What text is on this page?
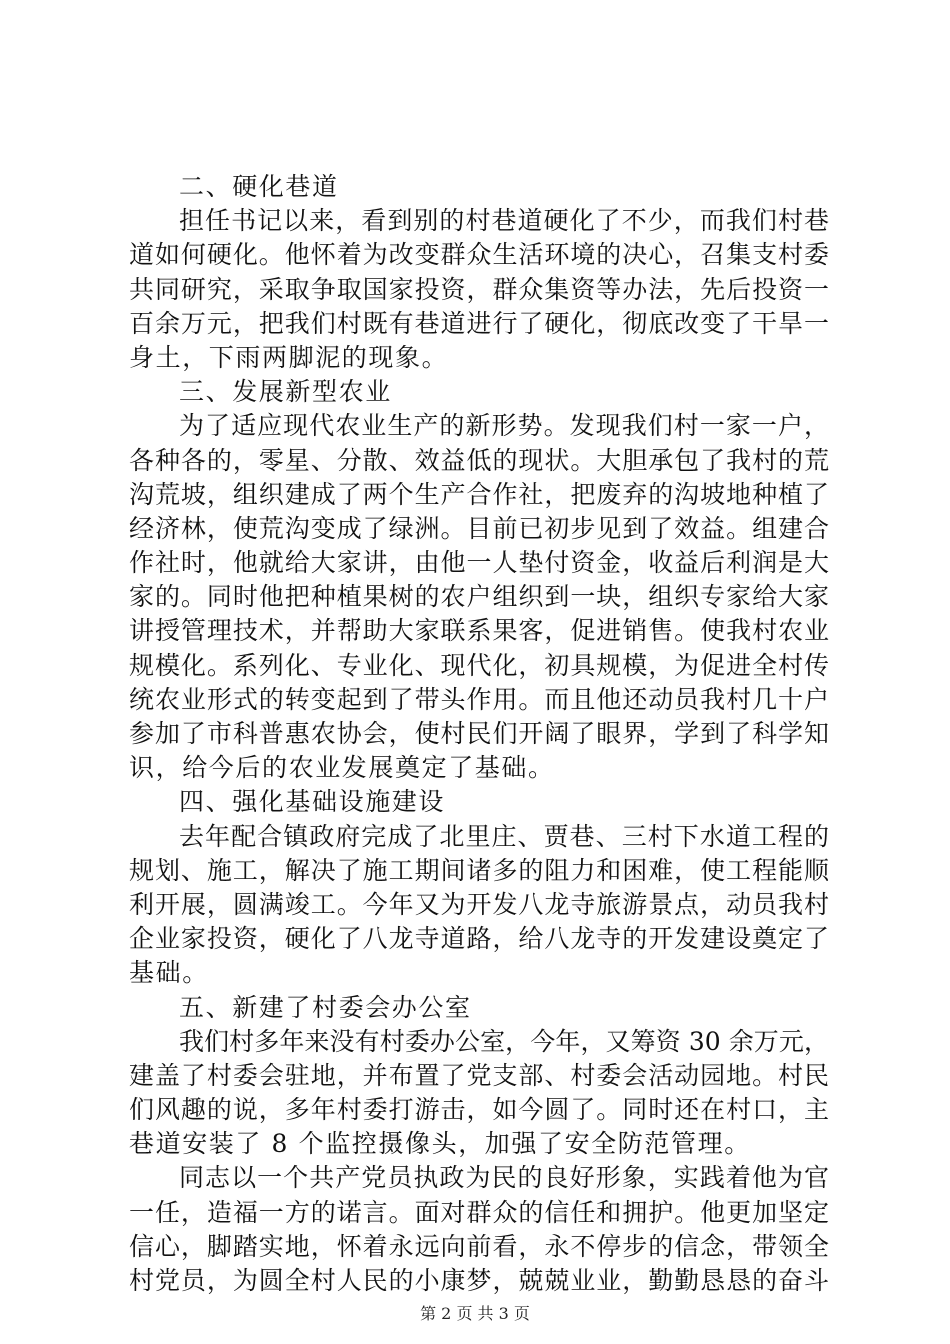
二、硬化巷道
担任书记以来，看到别的村巷道硬化了不少，而我们村巷
道如何硬化。他怀着为改变群众生活环境的决心，召集支村委
共同研究，采取争取国家投资，群众集资等办法，先后投资一
百余万元，把我们村既有巷道进行了硬化，彻底改变了干旱一
身土，下雨两脚泥的现象。
三、发展新型农业
为了适应现代农业生产的新形势。发现我们村一家一户，
各种各的，零星、分散、效益低的现状。大胆承包了我村的荒
沟荒坡，组织建成了两个生产合作社，把废弃的沟坡地种植了
经济林，使荒沟变成了绿洲。目前已初步见到了效益。组建合
作社时，他就给大家讲，由他一人垫付资金，收益后利润是大
家的。同时他把种植果树的农户组织到一块，组织专家给大家
讲授管理技术，并帮助大家联系果客，促进销售。使我村农业
规模化。系列化、专业化、现代化，初具规模，为促进全村传
统农业形式的转变起到了带头作用。而且他还动员我村几十户
参加了市科普惠农协会，使村民们开阔了眼界，学到了科学知
识，给今后的农业发展奠定了基础。
四、强化基础设施建设
去年配合镇政府完成了北里庄、贾巷、三村下水道工程的
规划、施工，解决了施工期间诸多的阻力和困难，使工程能顺
利开展，圆满竣工。今年又为开发八龙寺旅游景点，动员我村
企业家投资，硬化了八龙寺道路，给八龙寺的开发建设奠定了
基础。
五、新建了村委会办公室
我们村多年来没有村委办公室，今年，又筹资 30 余万元，
建盖了村委会驻地，并布置了党支部、村委会活动园地。村民
们风趣的说，多年村委打游击，如今圆了。同时还在村口，主
巷道安装了 8 个监控摄像头，加强了安全防范管理。
同志以一个共产党员执政为民的良好形象，实践着他为官
一任，造福一方的诺言。面对群众的信任和拥护。他更加坚定
信心，脚踏实地，怀着永远向前看，永不停步的信念，带领全
村党员，为圆全村人民的小康梦，兢兢业业，勤勤恳恳的奋斗
第 2 页 共 3 页
